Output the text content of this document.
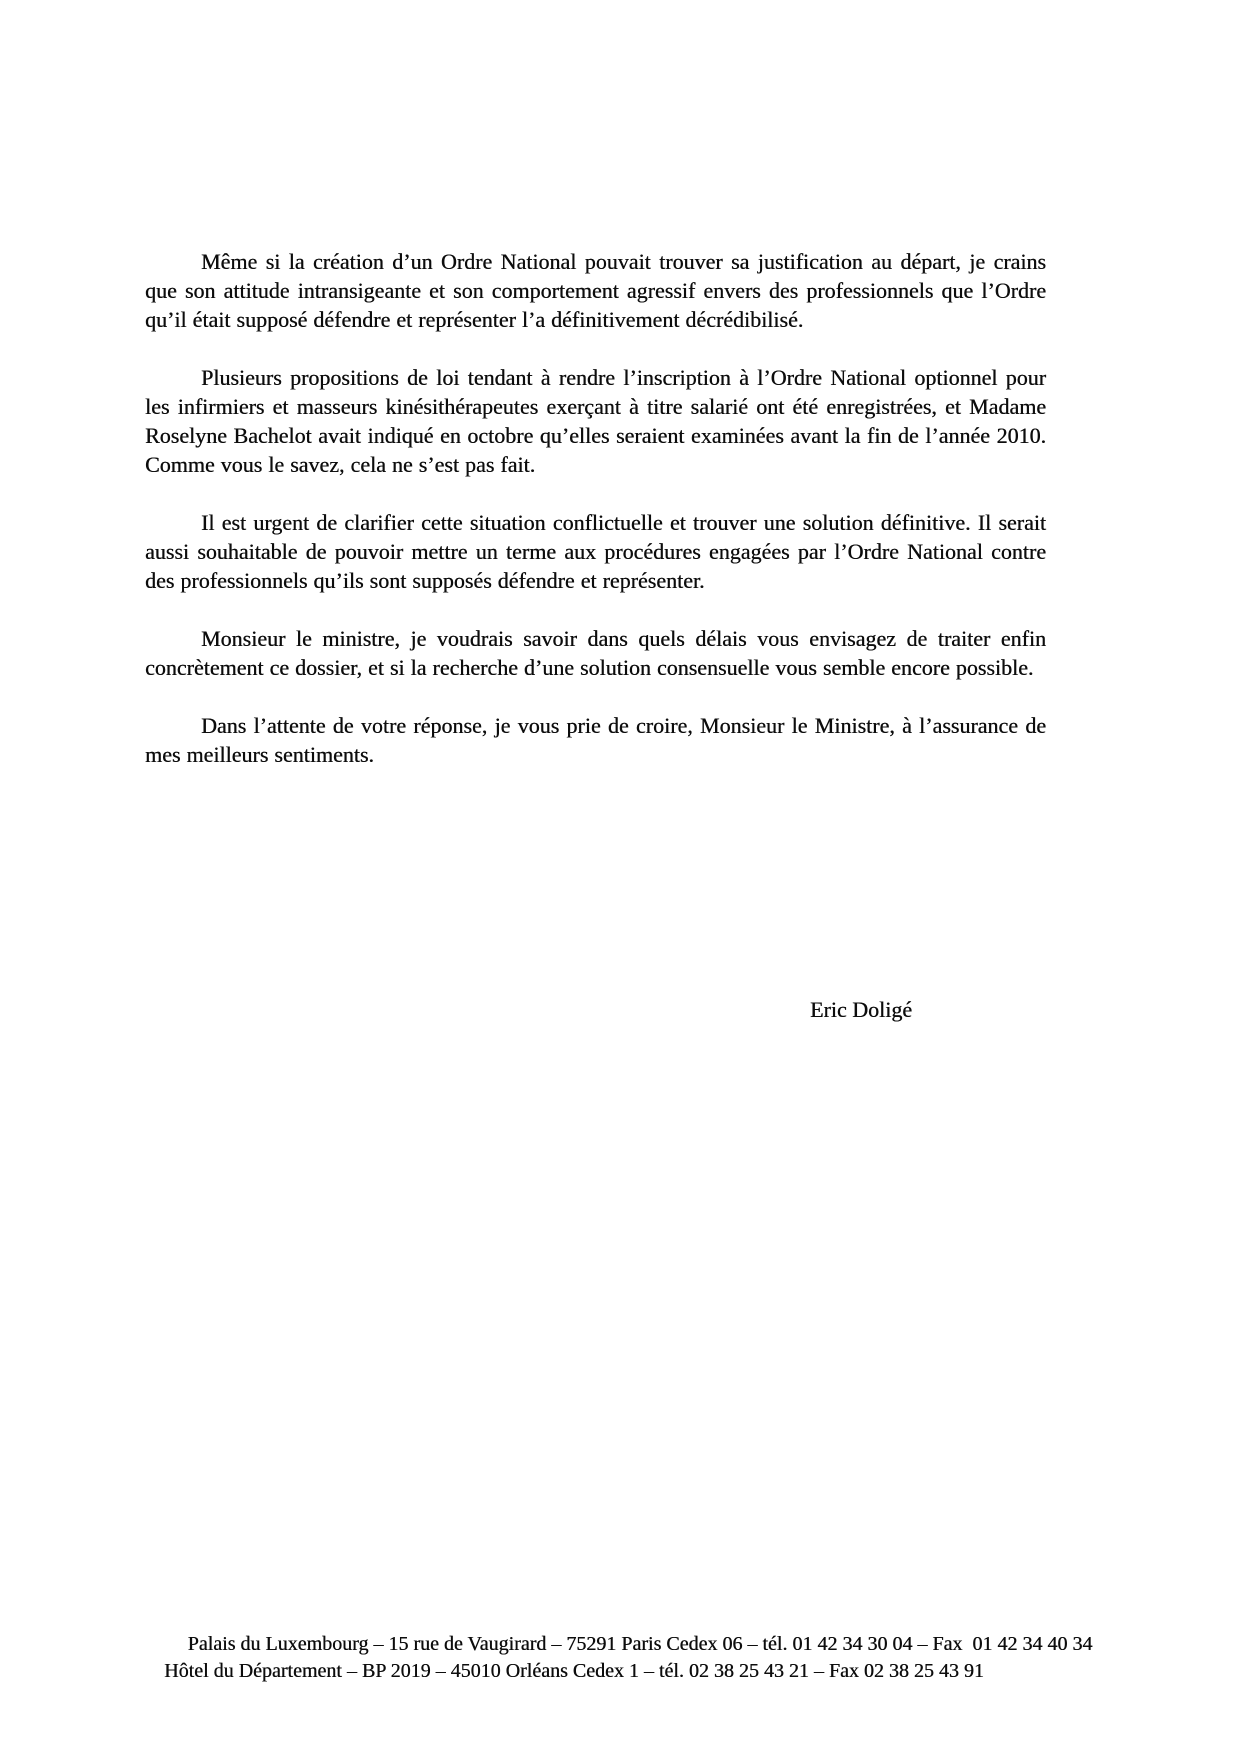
Même si la création d’un Ordre National pouvait trouver sa justification au départ, je crains que son attitude intransigeante et son comportement agressif envers des professionnels que l’Ordre qu’il était supposé défendre et représenter l’a définitivement décrédibilisé.

Plusieurs propositions de loi tendant à rendre l’inscription à l’Ordre National optionnel pour les infirmiers et masseurs kinésithérapeutes exerçant à titre salarié ont été enregistrées, et Madame Roselyne Bachelot avait indiqué en octobre qu’elles seraient examinées avant la fin de l’année 2010. Comme vous le savez, cela ne s’est pas fait.

Il est urgent de clarifier cette situation conflictuelle et trouver une solution définitive. Il serait aussi souhaitable de pouvoir mettre un terme aux procédures engagées par l’Ordre National contre des professionnels qu’ils sont supposés défendre et représenter.

Monsieur le ministre, je voudrais savoir dans quels délais vous envisagez de traiter enfin concrètement ce dossier, et si la recherche d’une solution consensuelle vous semble encore possible.

Dans l’attente de votre réponse, je vous prie de croire, Monsieur le Ministre, à l’assurance de mes meilleurs sentiments.

Eric Doligé
Palais du Luxembourg – 15 rue de Vaugirard – 75291 Paris Cedex 06 – tél. 01 42 34 30 04 – Fax  01 42 34 40 34
Hôtel du Département – BP 2019 – 45010 Orléans Cedex 1 – tél. 02 38 25 43 21 – Fax 02 38 25 43 91
